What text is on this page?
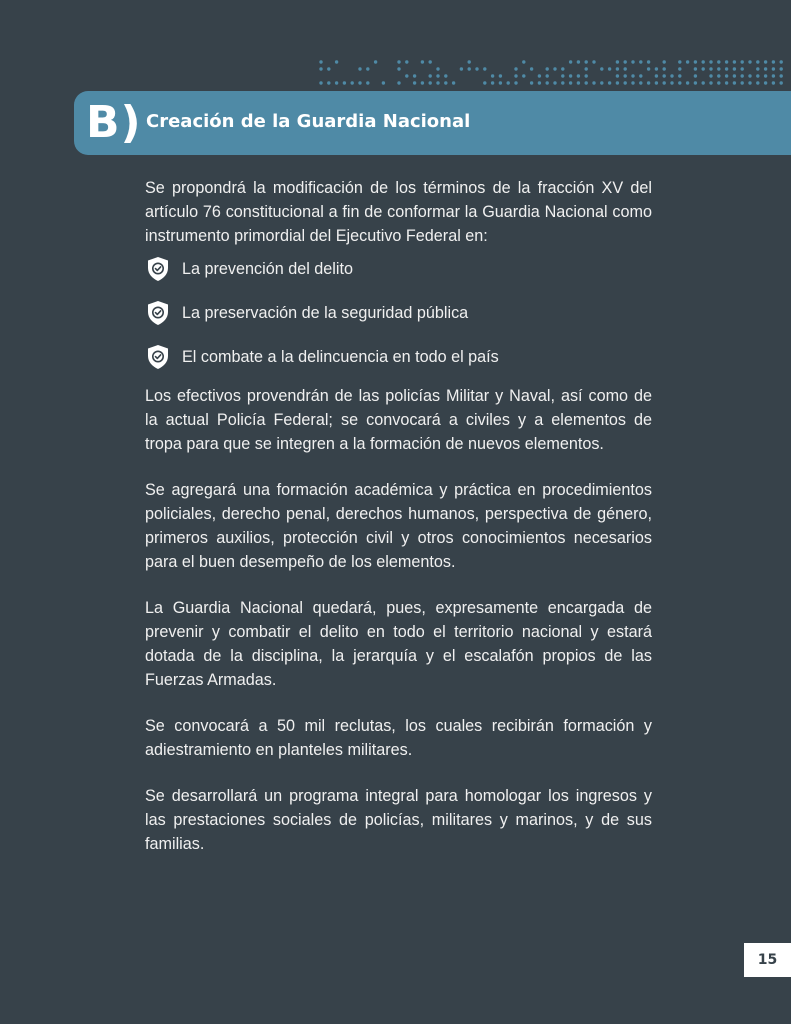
B) Creación de la Guardia Nacional

Se propondrá la modificación de los términos de la fracción XV del artículo 76 constitucional a fin de conformar la Guardia Nacional como instrumento primordial del Ejecutivo Federal en:

La prevención del delito
La preservación de la seguridad pública
El combate a la delincuencia en todo el país

Los efectivos provendrán de las policías Militar y Naval, así como de la actual Policía Federal; se convocará a civiles y a elementos de tropa para que se integren a la formación de nuevos elementos.

Se agregará una formación académica y práctica en procedimientos policiales, derecho penal, derechos humanos, perspectiva de género, primeros auxilios, protección civil y otros conocimientos necesarios para el buen desempeño de los elementos.

La Guardia Nacional quedará, pues, expresamente encargada de prevenir y combatir el delito en todo el territorio nacional y estará dotada de la disciplina, la jerarquía y el escalafón propios de las Fuerzas Armadas.

Se convocará a 50 mil reclutas, los cuales recibirán formación y adiestramiento en planteles militares.

Se desarrollará un programa integral para homologar los ingresos y las prestaciones sociales de policías, militares y marinos, y de sus familias.

15
